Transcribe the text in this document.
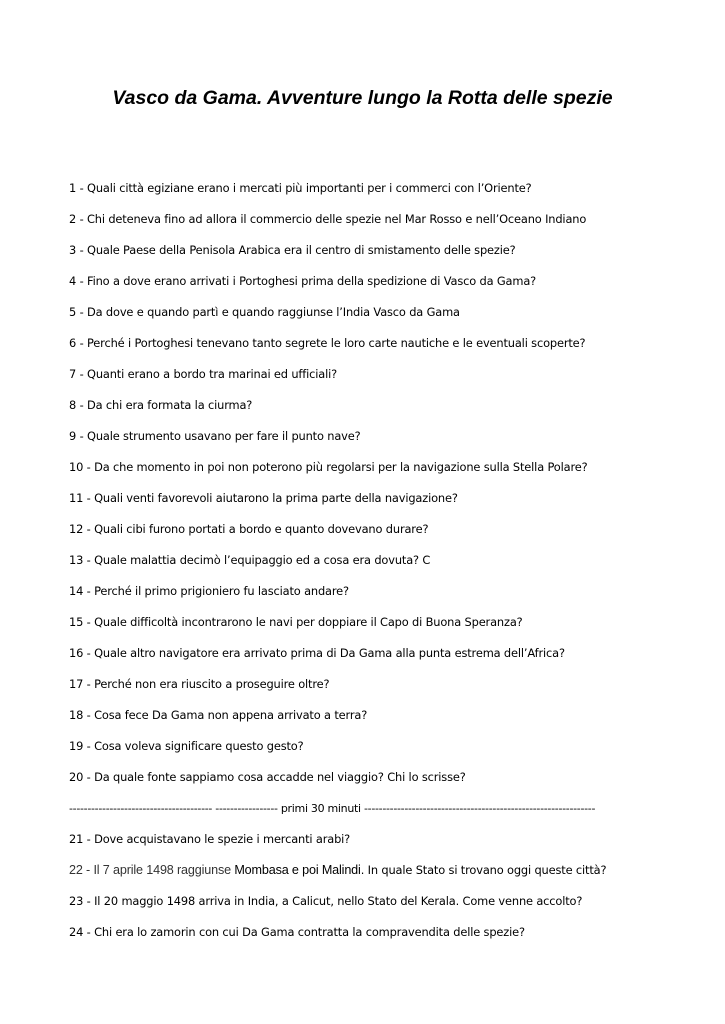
Vasco da Gama. Avventure lungo la Rotta delle spezie
1 - Quali città egiziane erano i mercati più importanti per i commerci con l’Oriente?
2 - Chi deteneva fino ad allora il commercio delle spezie nel Mar Rosso e nell’Oceano Indiano
3 - Quale Paese della Penisola Arabica era il centro di smistamento delle spezie?
4 - Fino a dove erano arrivati i Portoghesi prima della spedizione di Vasco da Gama?
5 - Da dove e quando partì e quando raggiunse l’India Vasco da Gama
6 - Perché i Portoghesi tenevano tanto segrete le loro carte nautiche e le eventuali scoperte?
7 - Quanti erano a bordo tra marinai ed ufficiali?
8 - Da chi era formata la ciurma?
9 - Quale strumento usavano per fare il punto nave?
10 - Da che momento in poi non poterono più regolarsi per la navigazione sulla Stella Polare?
11 - Quali venti favorevoli aiutarono la prima parte della navigazione?
12 - Quali cibi furono portati a bordo e quanto dovevano durare?
13 - Quale malattia decimò l’equipaggio ed a cosa era dovuta? C
14 - Perché il primo prigioniero fu lasciato andare?
15 - Quale difficoltà incontrarono le navi per doppiare il Capo di Buona Speranza?
16 - Quale altro navigatore era arrivato prima di Da Gama alla punta estrema dell’Africa?
17 - Perché non era riuscito a proseguire oltre?
18 - Cosa fece Da Gama non appena arrivato a terra?
19 - Cosa voleva significare questo gesto?
20 - Da quale fonte sappiamo cosa accadde nel viaggio? Chi lo scrisse?
--------------------------------------- ----------------- primi 30 minuti ---------------------------------------------------------------
21 - Dove acquistavano le spezie i mercanti arabi?
22 - Il 7 aprile 1498 raggiunse Mombasa e poi Malindi. In quale Stato si trovano oggi queste città?
23 - Il 20 maggio 1498 arriva in India, a Calicut, nello Stato del Kerala. Come venne accolto?
24 - Chi era lo zamorin con cui Da Gama contratta la compravendita delle spezie?
